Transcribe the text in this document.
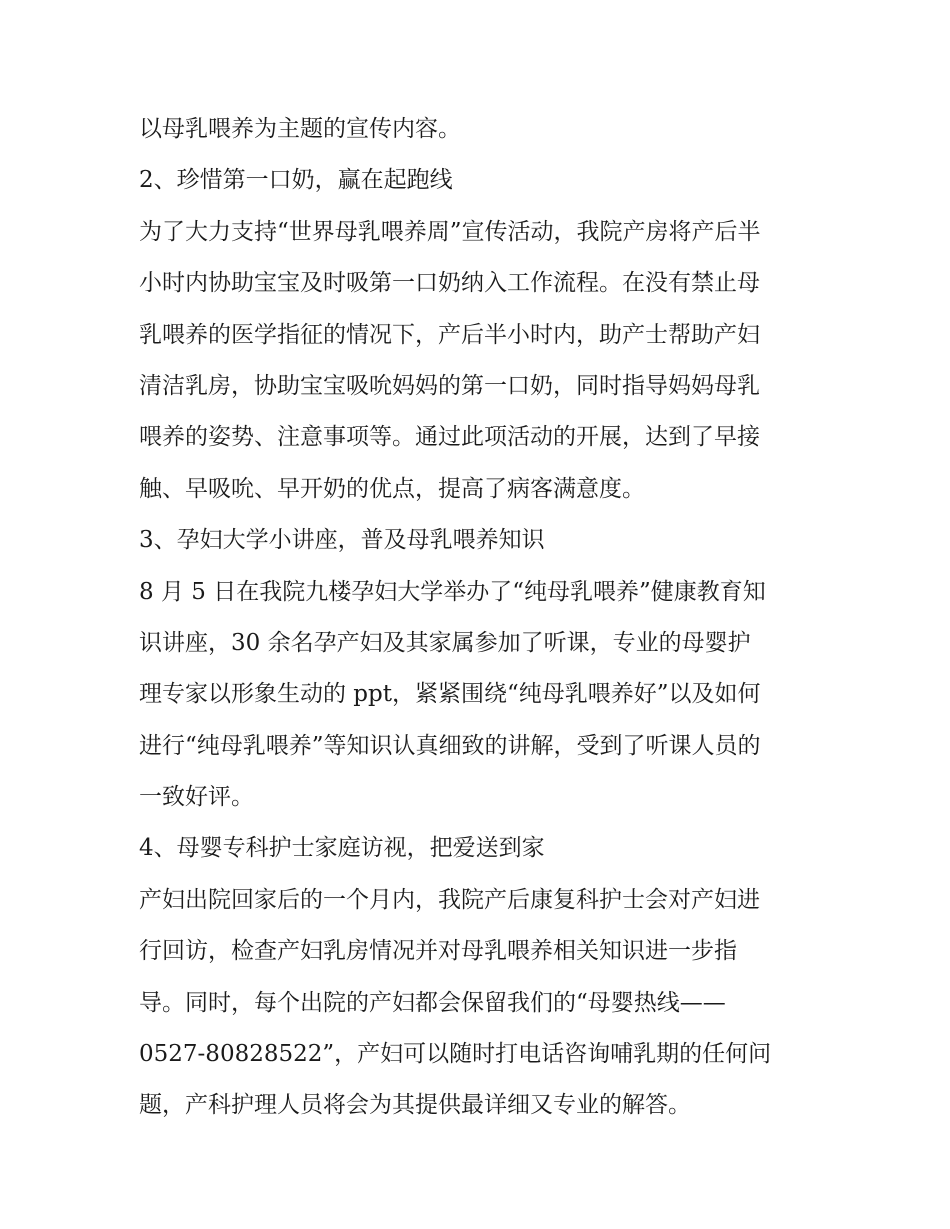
以母乳喂养为主题的宣传内容。
2、珍惜第一口奶，赢在起跑线
为了大力支持“世界母乳喂养周”宣传活动，我院产房将产后半
小时内协助宝宝及时吸第一口奶纳入工作流程。在没有禁止母
乳喂养的医学指征的情况下，产后半小时内，助产士帮助产妇
清洁乳房，协助宝宝吸吮妈妈的第一口奶，同时指导妈妈母乳
喂养的姿势、注意事项等。通过此项活动的开展，达到了早接
触、早吸吮、早开奶的优点，提高了病客满意度。
3、孕妇大学小讲座，普及母乳喂养知识
8 月 5 日在我院九楼孕妇大学举办了“纯母乳喂养”健康教育知
识讲座，30 余名孕产妇及其家属参加了听课，专业的母婴护
理专家以形象生动的 ppt，紧紧围绕“纯母乳喂养好”以及如何
进行“纯母乳喂养”等知识认真细致的讲解，受到了听课人员的
一致好评。
4、母婴专科护士家庭访视，把爱送到家
产妇出院回家后的一个月内，我院产后康复科护士会对产妇进
行回访，检查产妇乳房情况并对母乳喂养相关知识进一步指
导。同时，每个出院的产妇都会保留我们的“母婴热线——
0527-80828522”，产妇可以随时打电话咨询哺乳期的任何问
题，产科护理人员将会为其提供最详细又专业的解答。
